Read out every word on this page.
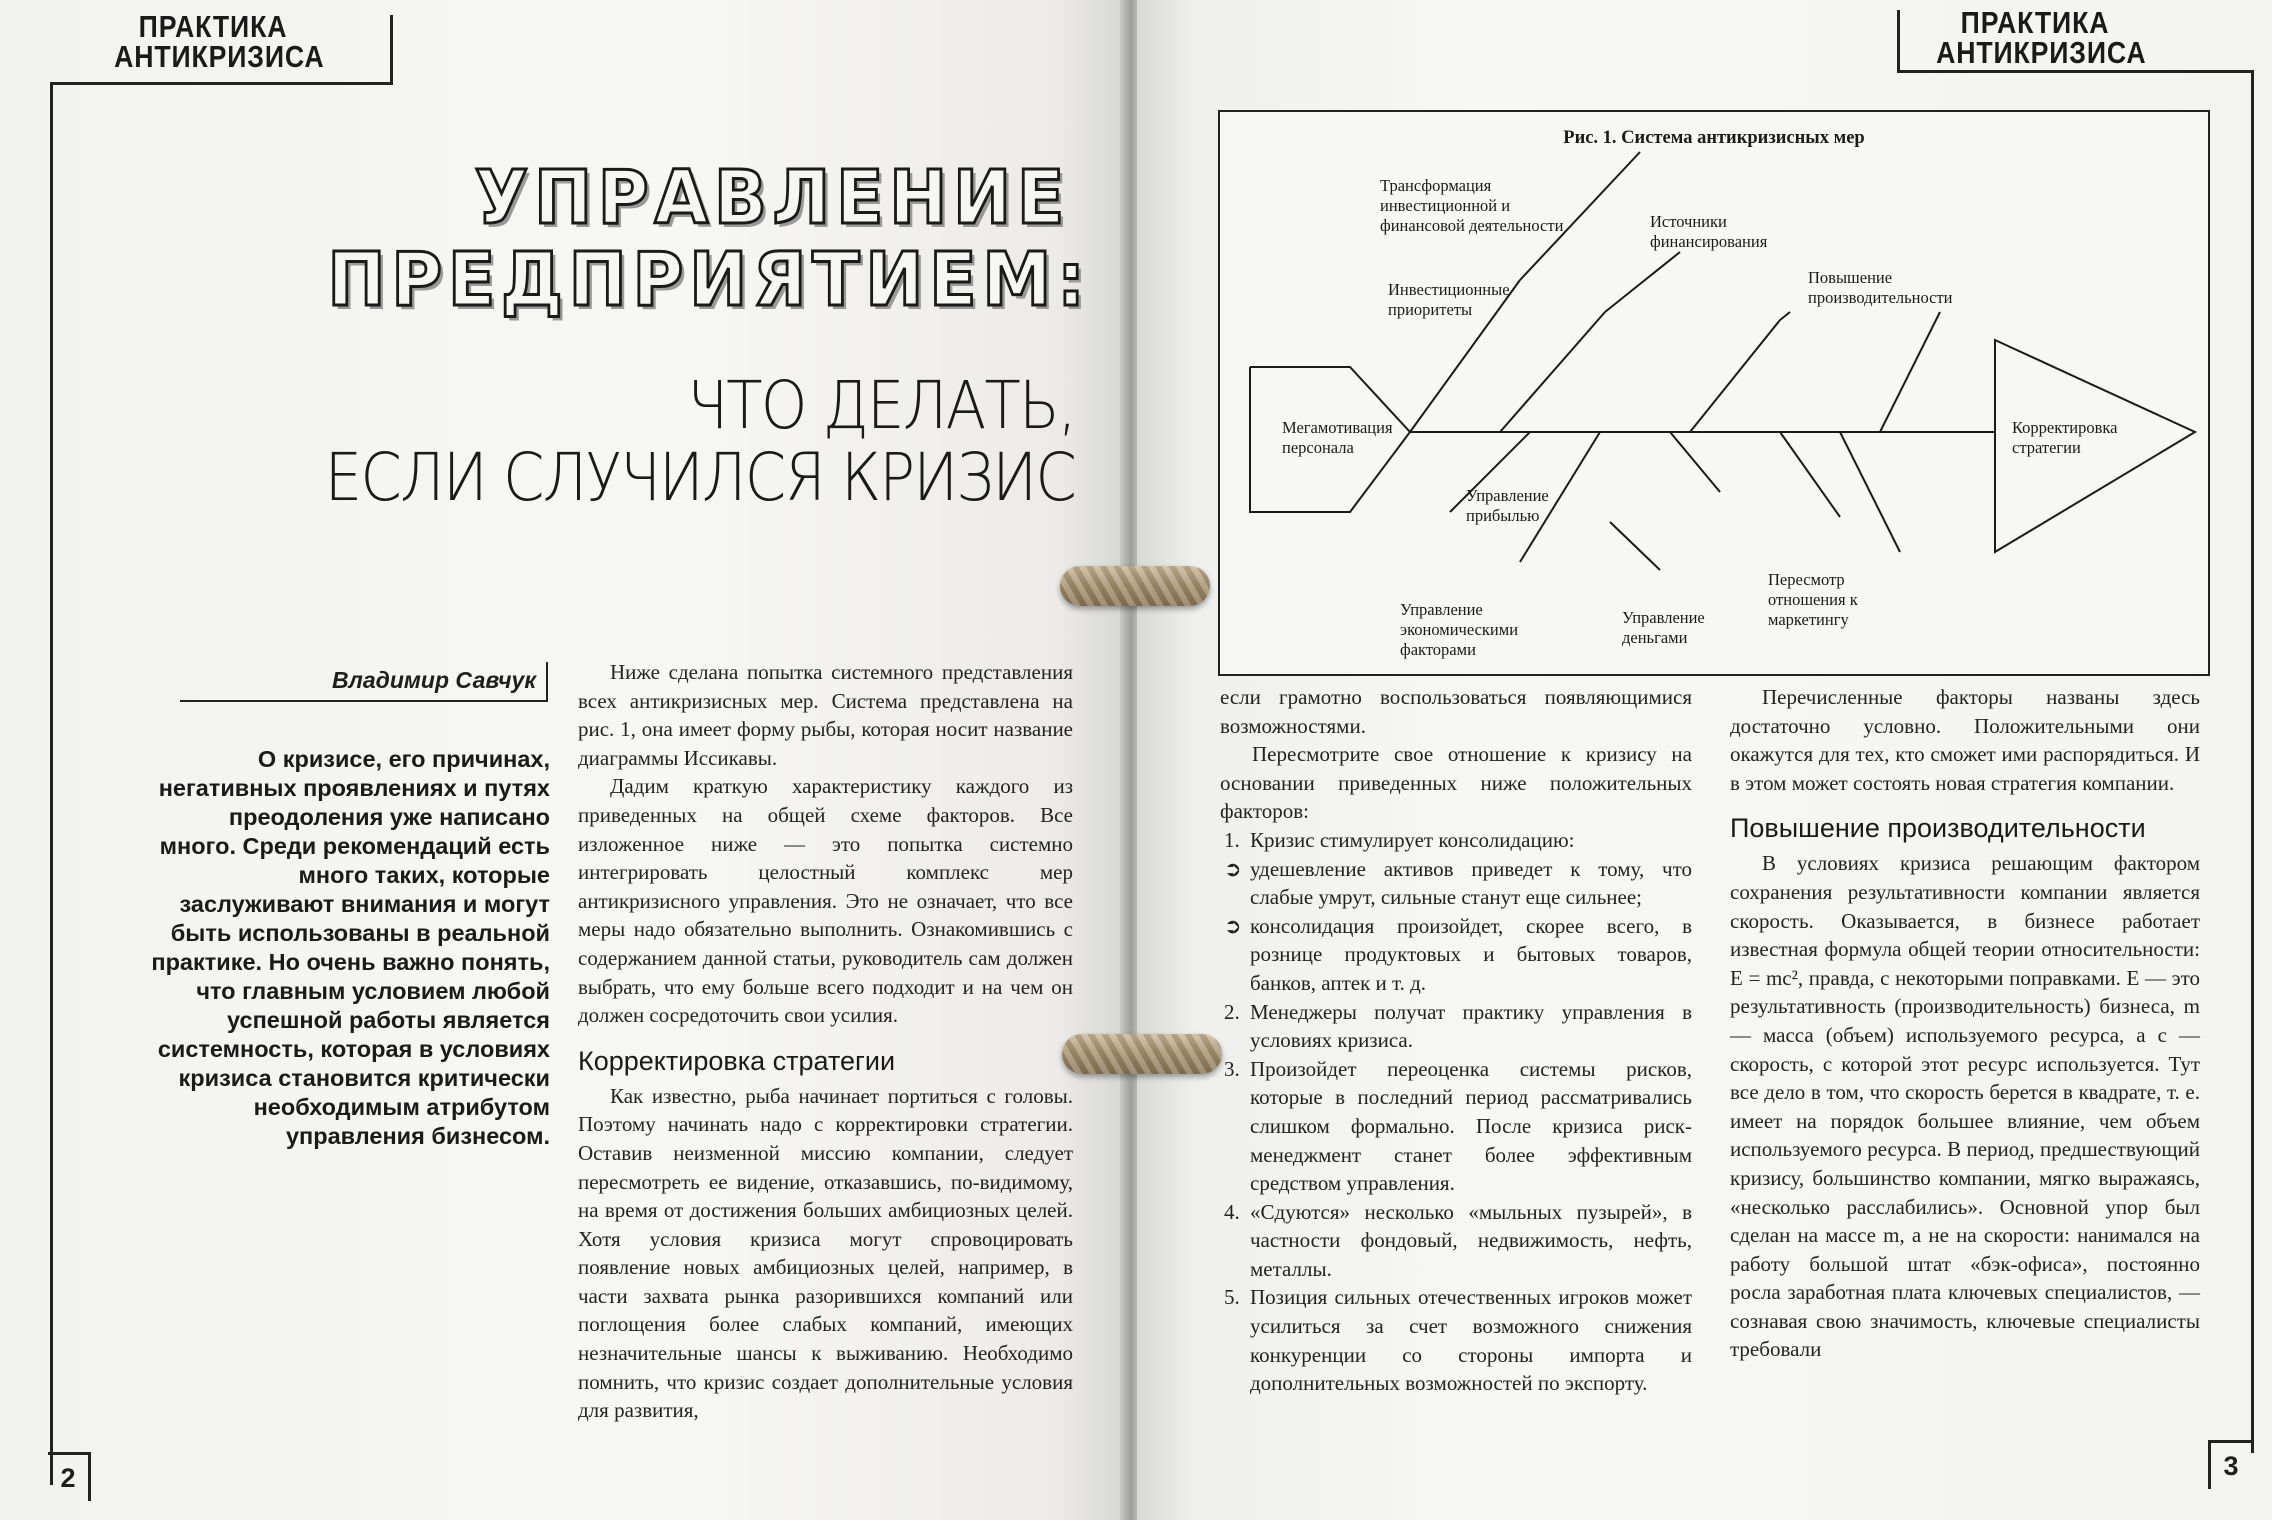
ПРАКТИКА АНТИКРИЗИСА
УПРАВЛЕНИЕ
ПРЕДПРИЯТИЕМ:
ЧТО ДЕЛАТЬ,
ЕСЛИ СЛУЧИЛСЯ КРИЗИС
Владимир Савчук
О кризисе, его причинах, негативных проявлениях и путях преодоления уже написано много. Среди рекомендаций есть много таких, которые заслуживают внимания и могут быть использованы в реальной практике. Но очень важно понять, что главным условием любой успешной работы является системность, которая в условиях кризиса становится критически необходимым атрибутом управления бизнесом.

Ниже сделана попытка системного представления всех антикризисных мер. Система представлена на рис. 1, она имеет форму рыбы, которая носит название диаграммы Иссикавы.

Дадим краткую характеристику каждого из приведенных на общей схеме факторов. Все изложенное ниже — это попытка системно интегрировать целостный комплекс мер антикризисного управления. Это не означает, что все меры надо обязательно выполнить. Ознакомившись с содержанием данной статьи, руководитель сам должен выбрать, что ему больше всего подходит и на чем он должен сосредоточить свои усилия.

Корректировка стратегии

Как известно, рыба начинает портиться с головы. Поэтому начинать надо с корректировки стратегии. Оставив неизменной миссию компании, следует пересмотреть ее видение, отказавшись, по-видимому, на время от достижения больших амбициозных целей. Хотя условия кризиса могут спровоцировать появление новых амбициозных целей, например, в части захвата рынка разорившихся компаний или поглощения более слабых компаний, имеющих незначительные шансы к выживанию. Необходимо помнить, что кризис создает дополнительные условия для развития,

2
ПРАКТИКА АНТИКРИЗИСА
Рис. 1. Система антикризисных мер
Трансформация инвестиционной и финансовой деятельности	Источники финансирования
Повышение производительности
Инвестиционные приоритеты
Мегамотивация персонала
Корректировка стратегии
Управление прибылью
Пересмотр отношения к маркетингу
Управление экономическими факторами
Управление деньгами

если грамотно воспользоваться появляющимися возможностями.

Пересмотрите свое отношение к кризису на основании приведенных ниже положительных факторов:

1. Кризис стимулирует консолидацию:
➲ удешевление активов приведет к тому, что слабые умрут, сильные станут еще сильнее;
➲ консолидация произойдет, скорее всего, в рознице продуктовых и бытовых товаров, банков, аптек и т. д.
2. Менеджеры получат практику управления в условиях кризиса.
3. Произойдет переоценка системы рисков, которые в последний период рассматривались слишком формально. После кризиса риск-менеджмент станет более эффективным средством управления.
4. «Сдуются» несколько «мыльных пузырей», в частности фондовый, недвижимость, нефть, металлы.
5. Позиция сильных отечественных игроков может усилиться за счет возможного снижения конкуренции со стороны импорта и дополнительных возможностей по экспорту.

Перечисленные факторы названы здесь достаточно условно. Положительными они окажутся для тех, кто сможет ими распорядиться. И в этом может состоять новая стратегия компании.

Повышение производительности

В условиях кризиса решающим фактором сохранения результативности компании является скорость. Оказывается, в бизнесе работает известная формула общей теории относительности: E = mc², правда, с некоторыми поправками. E — это результативность (производительность) бизнеса, m — масса (объем) используемого ресурса, а c — скорость, с которой этот ресурс используется. Тут все дело в том, что скорость берется в квадрате, т. е. имеет на порядок большее влияние, чем объем используемого ресурса. В период, предшествующий кризису, большинство компании, мягко выражаясь, «несколько расслабились». Основной упор был сделан на массе m, а не на скорости: нанимался на работу большой штат «бэк-офиса», постоянно росла заработная плата ключевых специалистов, — сознавая свою значимость, ключевые специалисты требовали

3
